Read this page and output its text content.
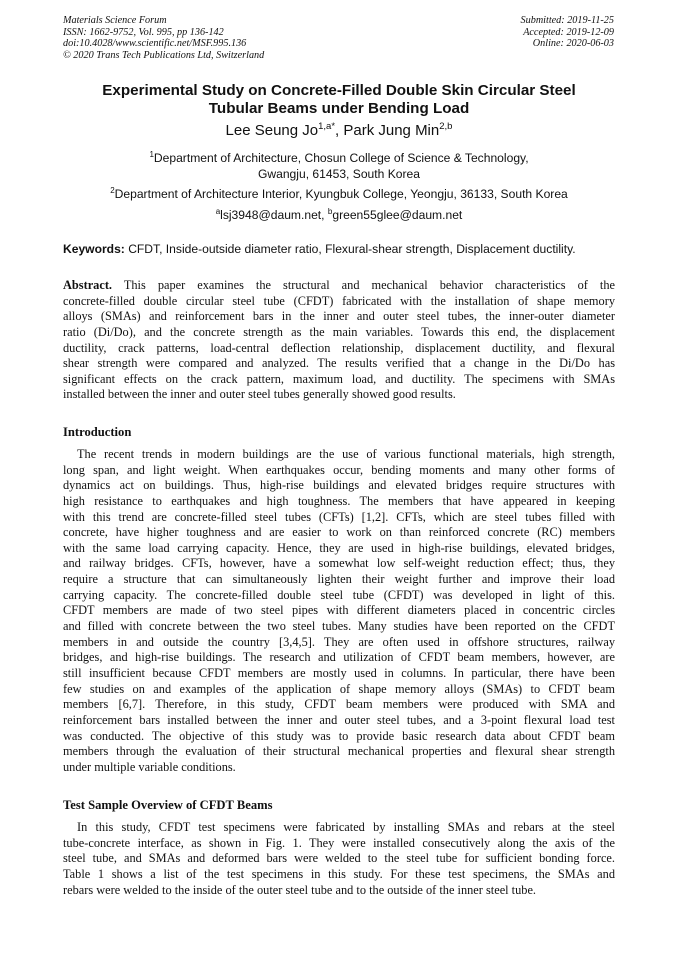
Materials Science Forum
ISSN: 1662-9752, Vol. 995, pp 136-142
doi:10.4028/www.scientific.net/MSF.995.136
© 2020 Trans Tech Publications Ltd, Switzerland
Submitted: 2019-11-25
Accepted: 2019-12-09
Online: 2020-06-03
Experimental Study on Concrete-Filled Double Skin Circular Steel
Tubular Beams under Bending Load
Lee Seung $Jo^{1,a*}$, Park Jung Min$^{2,b}$
$^1$Department of Architecture, Chosun College of Science & Technology,
Gwangju, 61453, South Korea
$^2$Department of Architecture Interior, Kyungbuk College, Yeongju, 36133, South Korea
$^a$lsj3948@daum.net, $^b$green55glee@daum.net
Keywords: CFDT, Inside-outside diameter ratio, Flexural-shear strength, Displacement ductility.
Abstract. This paper examines the structural and mechanical behavior characteristics of the
concrete-filled double circular steel tube (CFDT) fabricated with the installation of shape memory
alloys (SMAs) and reinforcement bars in the inner and outer steel tubes, the inner-outer diameter
ratio (Di/Do), and the concrete strength as the main variables. Towards this end, the displacement
ductility, crack patterns, load-central deflection relationship, displacement ductility, and flexural
shear strength were compared and analyzed. The results verified that a change in the Di/Do has
significant effects on the crack pattern, maximum load, and ductility. The specimens with SMAs
installed between the inner and outer steel tubes generally showed good results.
Introduction
The recent trends in modern buildings are the use of various functional materials, high strength,
long span, and light weight. When earthquakes occur, bending moments and many other forms of
dynamics act on buildings. Thus, high-rise buildings and elevated bridges require structures with
high resistance to earthquakes and high toughness. The members that have appeared in keeping
with this trend are concrete-filled steel tubes (CFTs) [1,2]. CFTs, which are steel tubes filled with
concrete, have higher toughness and are easier to work on than reinforced concrete (RC) members
with the same load carrying capacity. Hence, they are used in high-rise buildings, elevated bridges,
and railway bridges. CFTs, however, have a somewhat low self-weight reduction effect; thus, they
require a structure that can simultaneously lighten their weight further and improve their load
carrying capacity. The concrete-filled double steel tube (CFDT) was developed in light of this.
CFDT members are made of two steel pipes with different diameters placed in concentric circles
and filled with concrete between the two steel tubes. Many studies have been reported on the CFDT
members in and outside the country [3,4,5]. They are often used in offshore structures, railway
bridges, and high-rise buildings. The research and utilization of CFDT beam members, however, are
still insufficient because CFDT members are mostly used in columns. In particular, there have been
few studies on and examples of the application of shape memory alloys (SMAs) to CFDT beam
members [6,7]. Therefore, in this study, CFDT beam members were produced with SMA and
reinforcement bars installed between the inner and outer steel tubes, and a 3-point flexural load test
was conducted. The objective of this study was to provide basic research data about CFDT beam
members through the evaluation of their structural mechanical properties and flexural shear strength
under multiple variable conditions.
Test Sample Overview of CFDT Beams
In this study, CFDT test specimens were fabricated by installing SMAs and rebars at the steel
tube-concrete interface, as shown in Fig. 1. They were installed consecutively along the axis of the
steel tube, and SMAs and deformed bars were welded to the steel tube for sufficient bonding force.
Table 1 shows a list of the test specimens in this study. For these test specimens, the SMAs and
rebars were welded to the inside of the outer steel tube and to the outside of the inner steel tube.
